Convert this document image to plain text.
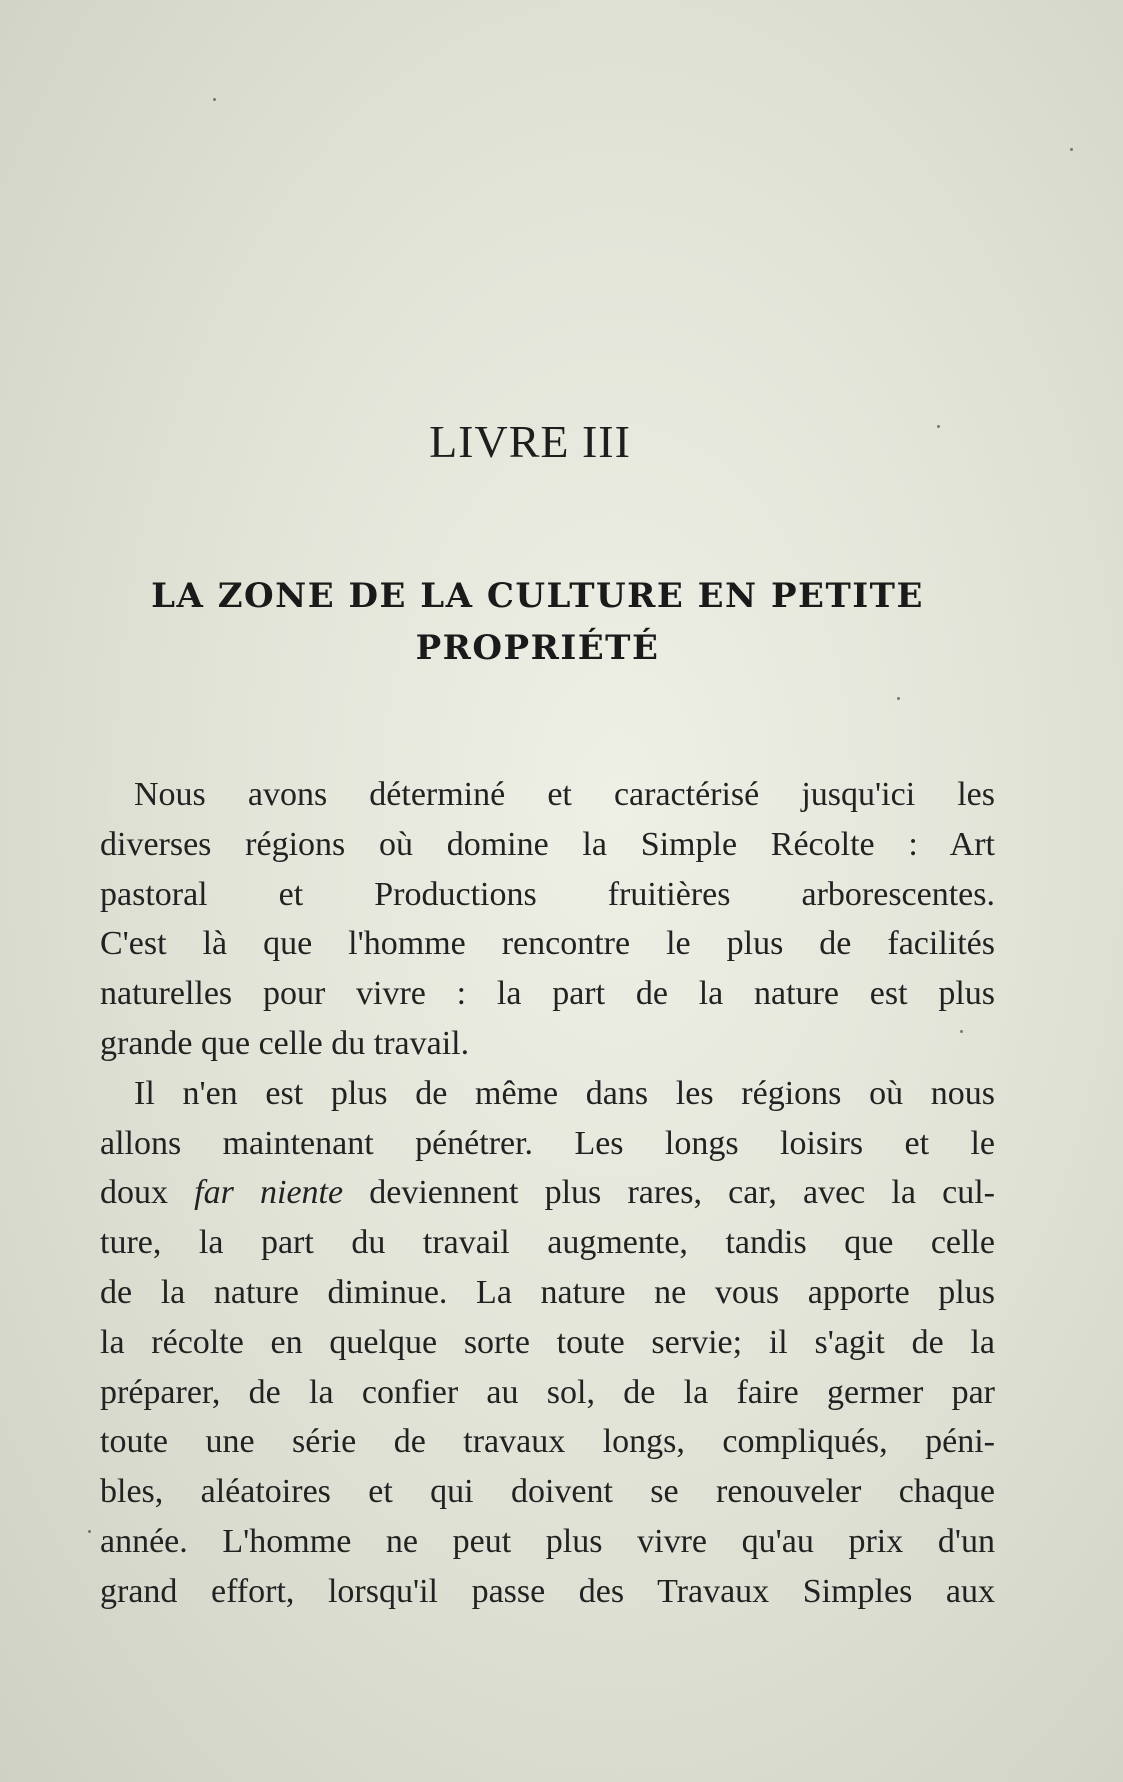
LIVRE III
LA ZONE DE LA CULTURE EN PETITE
PROPRIÉTÉ

Nous avons déterminé et caractérisé jusqu'ici les
diverses régions où domine la Simple Récolte : Art
pastoral et Productions fruitières arborescentes.
C'est là que l'homme rencontre le plus de facilités
naturelles pour vivre : la part de la nature est plus
grande que celle du travail.

Il n'en est plus de même dans les régions où nous
allons maintenant pénétrer. Les longs loisirs et le
doux far niente deviennent plus rares, car, avec la cul-
ture, la part du travail augmente, tandis que celle
de la nature diminue. La nature ne vous apporte plus
la récolte en quelque sorte toute servie; il s'agit de la
préparer, de la confier au sol, de la faire germer par
toute une série de travaux longs, compliqués, péni-
bles, aléatoires et qui doivent se renouveler chaque
année. L'homme ne peut plus vivre qu'au prix d'un
grand effort, lorsqu'il passe des Travaux Simples aux
